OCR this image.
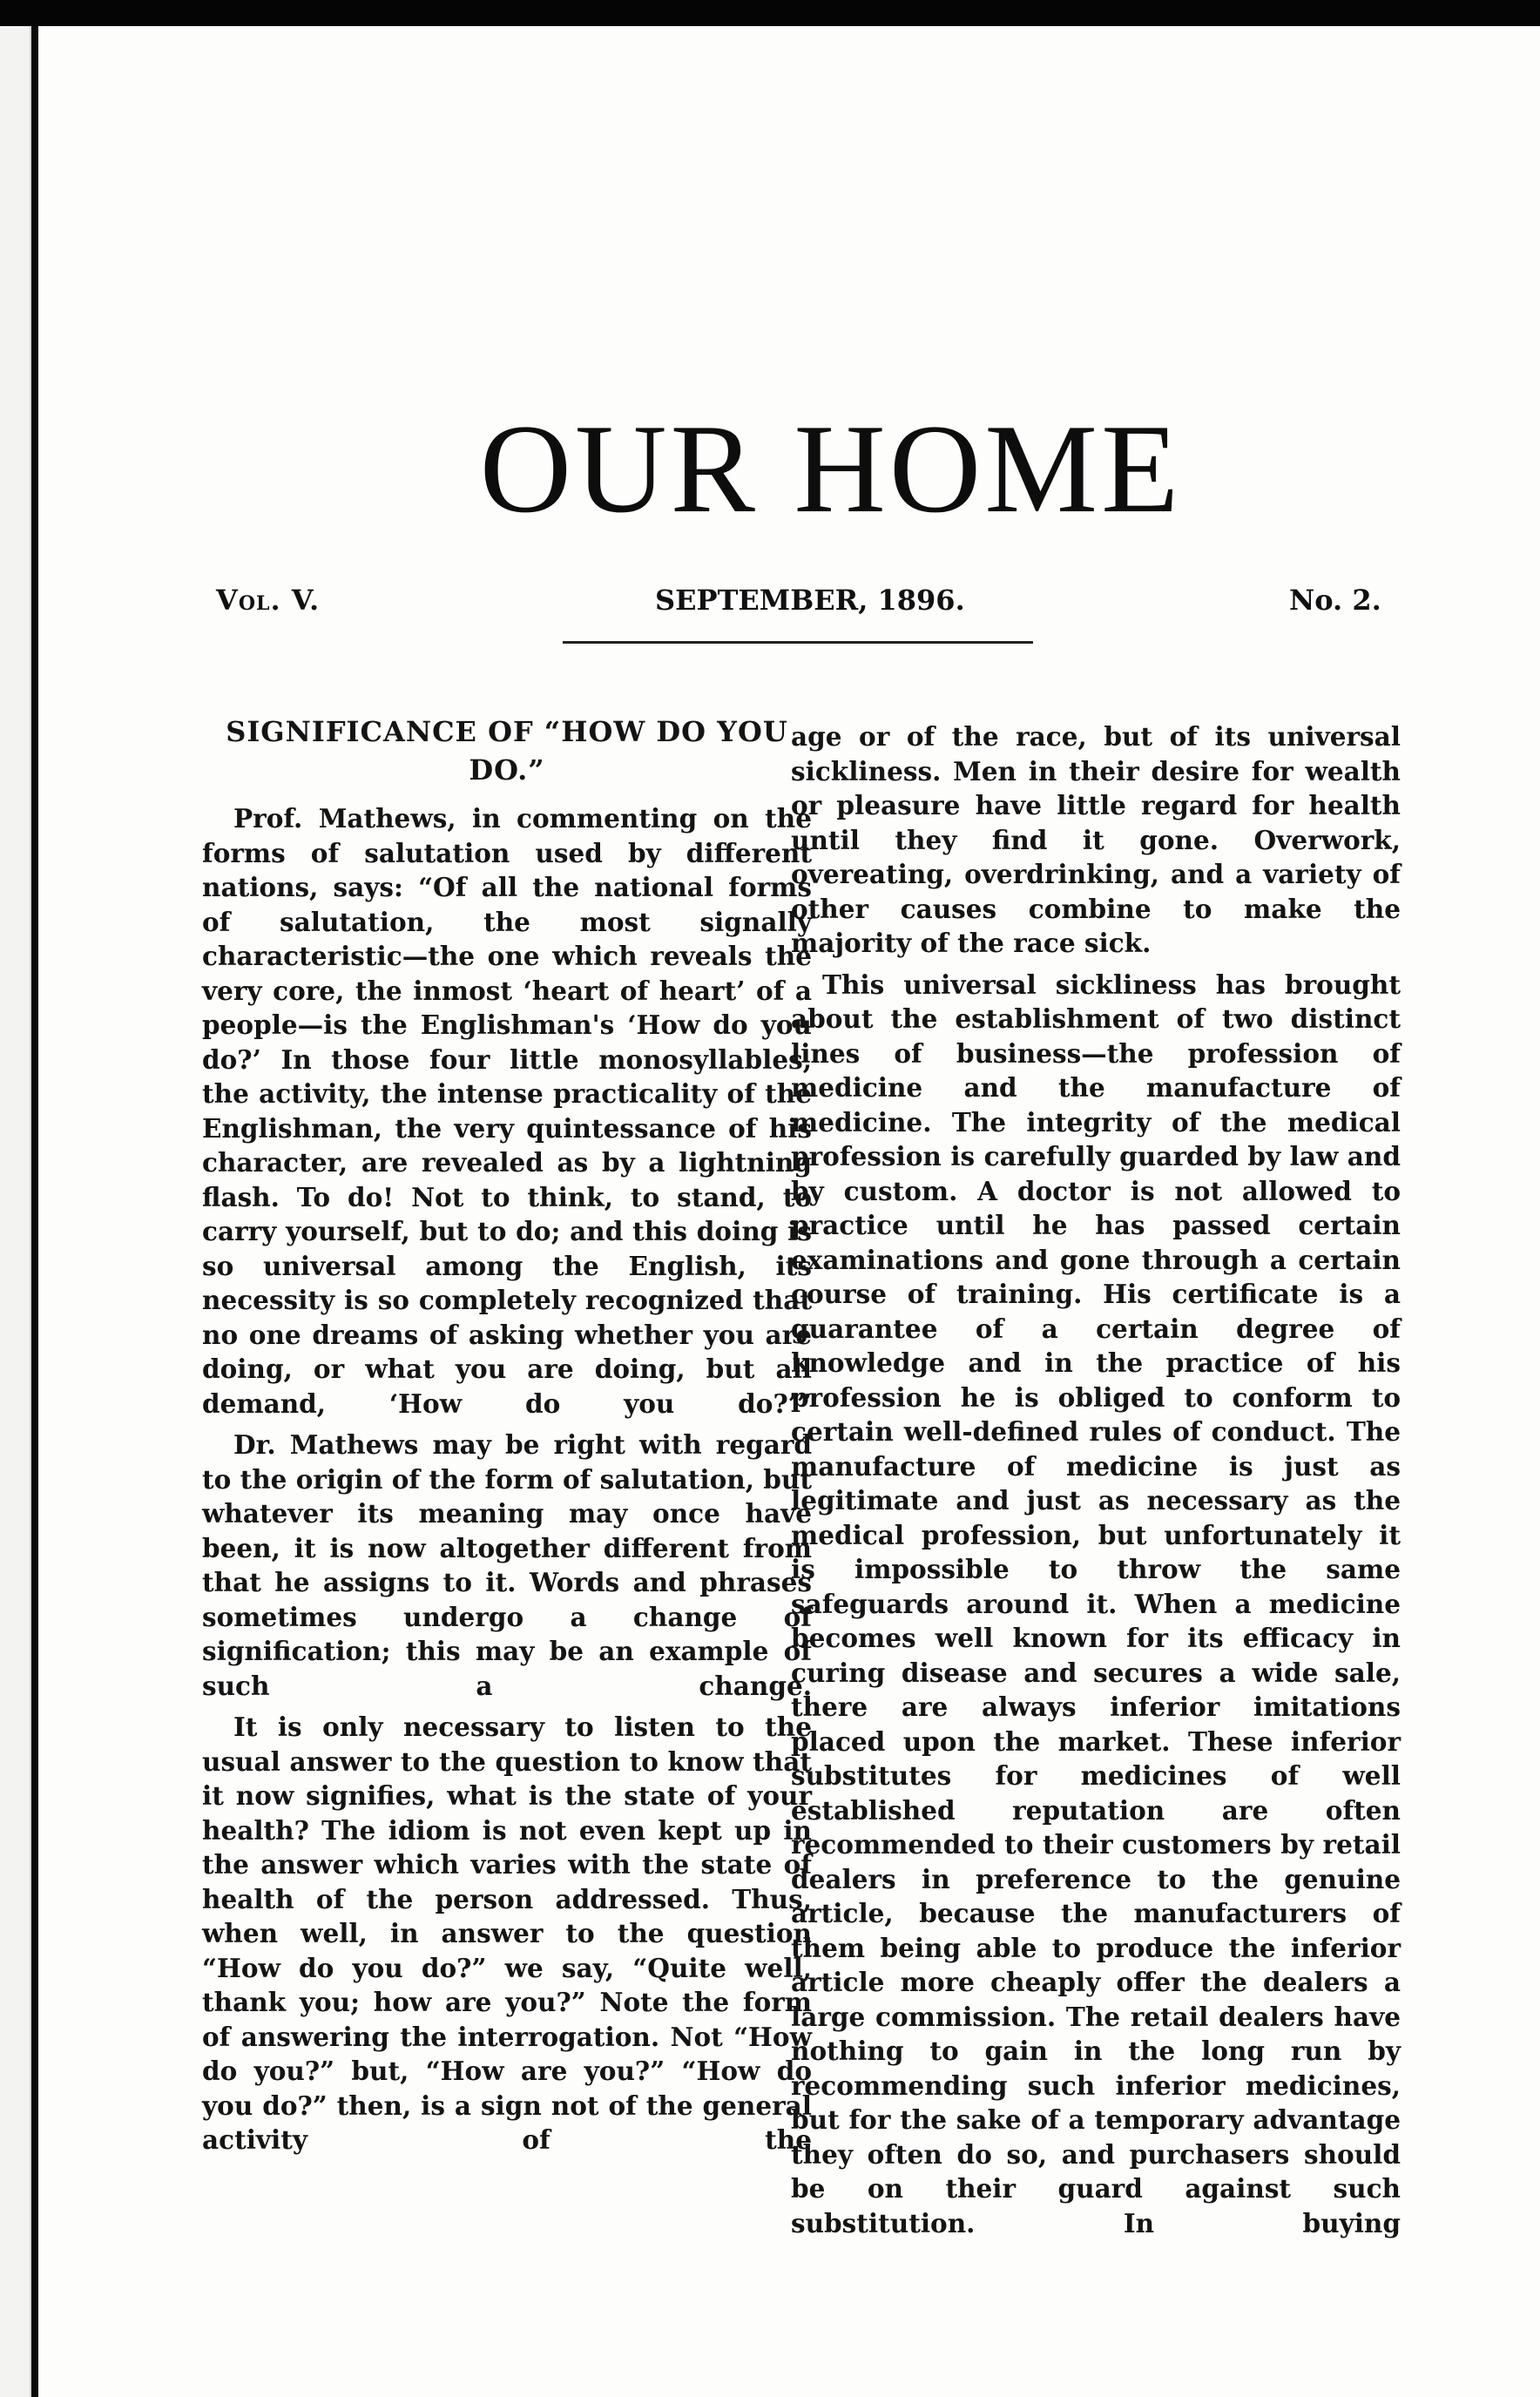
OUR HOME
Vol. V.	SEPTEMBER, 1896.	No. 2.
SIGNIFICANCE OF “HOW DO YOU DO.”

Prof. Mathews, in commenting on the forms of salutation used by different nations, says: “Of all the national forms of salutation, the most signally characteristic—the one which reveals the very core, the inmost ‘heart of heart’ of a people—is the Englishman's ‘How do you do?’ In those four little monosyllables, the activity, the intense practicality of the Englishman, the very quintessance of his character, are revealed as by a lightning flash. To do! Not to think, to stand, to carry yourself, but to do; and this doing is so universal among the English, its necessity is so completely recognized that no one dreams of asking whether you are doing, or what you are doing, but all demand, ‘How do you do?’”

Dr. Mathews may be right with regard to the origin of the form of salutation, but whatever its meaning may once have been, it is now altogether different from that he assigns to it. Words and phrases sometimes undergo a change of signification; this may be an example of such a change.

It is only necessary to listen to the usual answer to the question to know that it now signifies, what is the state of your health? The idiom is not even kept up in the answer which varies with the state of health of the person addressed. Thus, when well, in answer to the question “How do you do?” we say, “Quite well, thank you; how are you?” Note the form of answering the interrogation. Not “How do you?” but, “How are you?” “How do you do?” then, is a sign not of the general activity of the

age or of the race, but of its universal sickliness. Men in their desire for wealth or pleasure have little regard for health until they find it gone. Overwork, overeating, overdrinking, and a variety of other causes combine to make the majority of the race sick.

This universal sickliness has brought about the establishment of two distinct lines of business—the profession of medicine and the manufacture of medicine. The integrity of the medical profession is carefully guarded by law and by custom. A doctor is not allowed to practice until he has passed certain examinations and gone through a certain course of training. His certificate is a guarantee of a certain degree of knowledge and in the practice of his profession he is obliged to conform to certain well-defined rules of conduct. The manufacture of medicine is just as legitimate and just as necessary as the medical profession, but unfortunately it is impossible to throw the same safeguards around it. When a medicine becomes well known for its efficacy in curing disease and secures a wide sale, there are always inferior imitations placed upon the market. These inferior substitutes for medicines of well established reputation are often recommended to their customers by retail dealers in preference to the genuine article, because the manufacturers of them being able to produce the inferior article more cheaply offer the dealers a large commission. The retail dealers have nothing to gain in the long run by recommending such inferior medicines, but for the sake of a temporary advantage they often do so, and purchasers should be on their guard against such substitution. In buying
